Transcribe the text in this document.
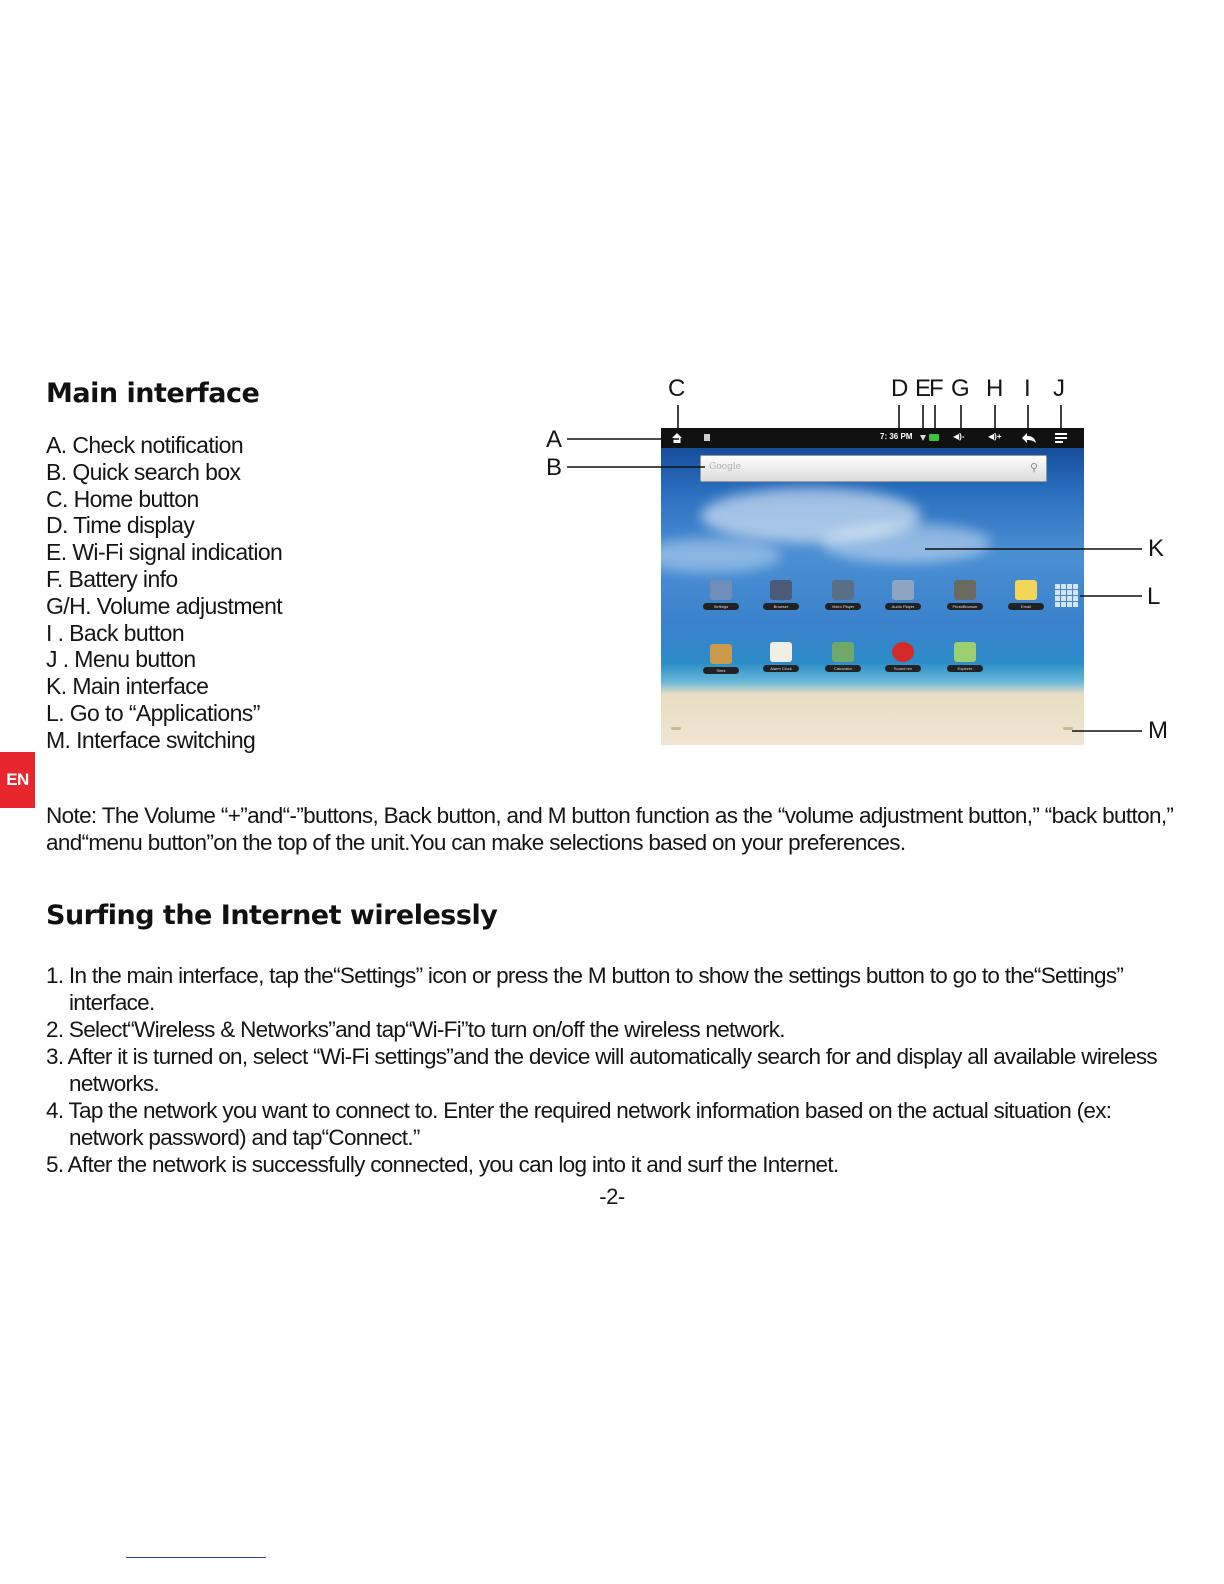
Main interface
A. Check notification
B. Quick search box
C. Home button
D. Time display
E. Wi-Fi signal indication
F. Battery info
G/H. Volume adjustment
I . Back button
J . Menu button
K. Main interface
L. Go to “Applications”
M. Interface switching
7: 36 PM	◀)-	◀)+
Google	⚲
Settings	Browser	Video Player	Audio Player	PhotoBrowser	Email
Sites	Alarm Clock	Calculator	Sound rec	Explorer
A
B
C	D E
F G H I J
K
L
M
EN

Note: The Volume “+”and“-”buttons, Back button, and M button function as the “volume adjustment button,” “back button,” and“menu button”on the top of the unit.You can make selections based on your preferences.

Surfing the Internet wirelessly
1. In the main interface, tap the“Settings” icon or press the M button to show the settings button to go to the“Settings” interface.
2. Select“Wireless & Networks”and tap“Wi-Fi”to turn on/off the wireless network.
3. After it is turned on, select “Wi-Fi settings”and the device will automatically search for and display all available wireless networks.
4. Tap the network you want to connect to. Enter the required network information based on the actual situation (ex: network password) and tap“Connect.”
5. After the network is successfully connected, you can log into it and surf the Internet.
-2-
